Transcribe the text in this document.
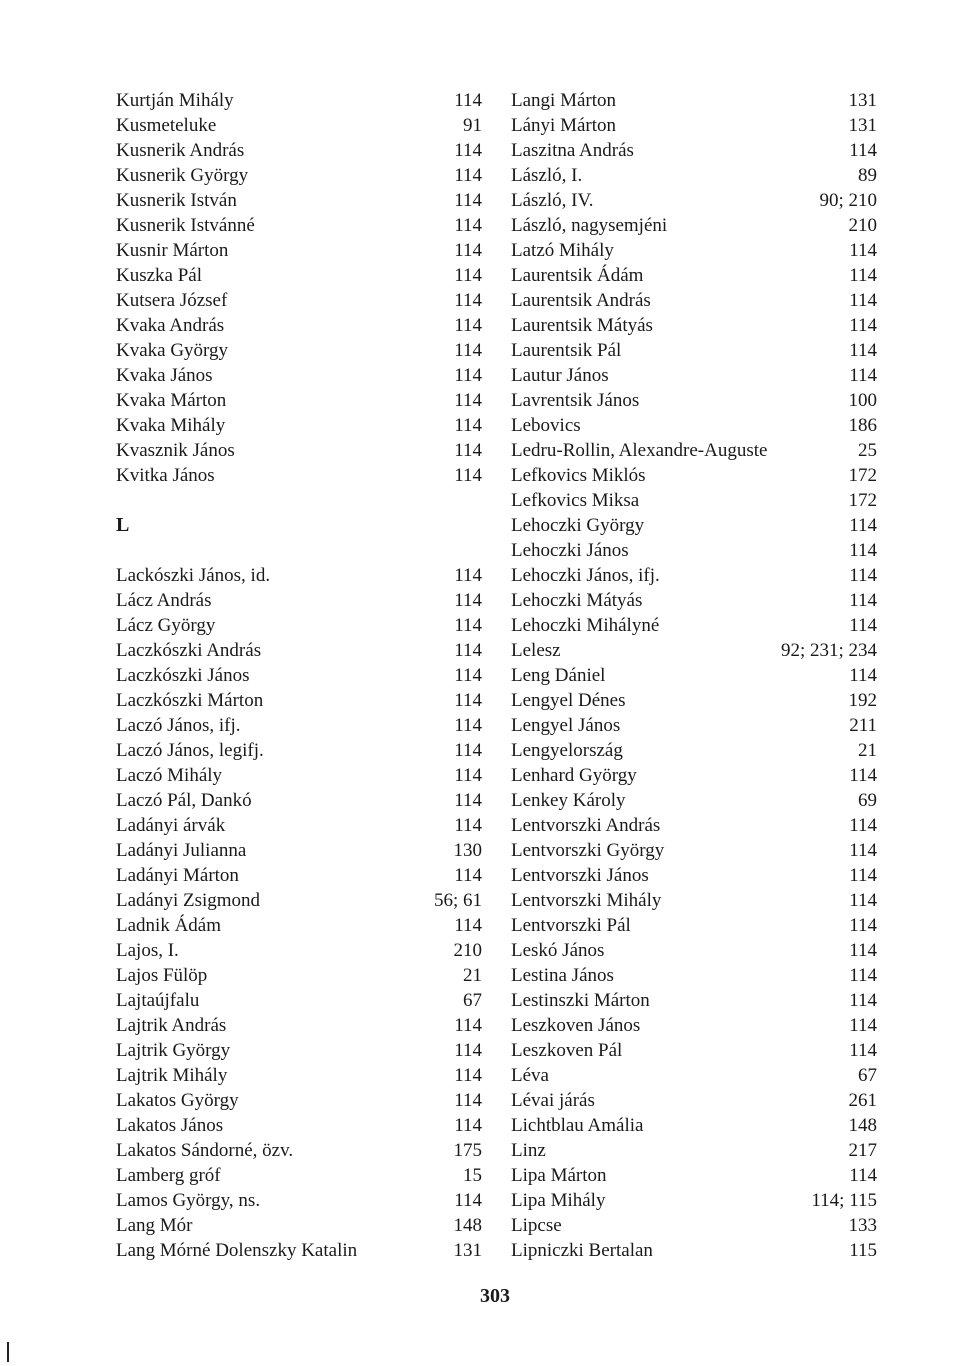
Kurtján Mihály	114
Kusmeteluke	91
Kusnerik András	114
Kusnerik György	114
Kusnerik István	114
Kusnerik Istvánné	114
Kusnir Márton	114
Kuszka Pál	114
Kutsera József	114
Kvaka András	114
Kvaka György	114
Kvaka János	114
Kvaka Márton	114
Kvaka Mihály	114
Kvasznik János	114
Kvitka János	114
L
Lackószki János, id.	114
Lácz András	114
Lácz György	114
Laczkószki András	114
Laczkószki János	114
Laczkószki Márton	114
Laczó János, ifj.	114
Laczó János, legifj.	114
Laczó Mihály	114
Laczó Pál, Dankó	114
Ladányi árvák	114
Ladányi Julianna	130
Ladányi Márton	114
Ladányi Zsigmond	56; 61
Ladnik Ádám	114
Lajos, I.	210
Lajos Fülöp	21
Lajtaújfalu	67
Lajtrik András	114
Lajtrik György	114
Lajtrik Mihály	114
Lakatos György	114
Lakatos János	114
Lakatos Sándorné, özv.	175
Lamberg gróf	15
Lamos György, ns.	114
Lang Mór	148
Lang Mórné Dolenszky Katalin	131
Langi Márton	131
Lányi Márton	131
Laszitna András	114
László, I.	89
László, IV.	90; 210
László, nagysemjéni	210
Latzó Mihály	114
Laurentsik Ádám	114
Laurentsik András	114
Laurentsik Mátyás	114
Laurentsik Pál	114
Lautur János	114
Lavrentsik János	100
Lebovics	186
Ledru-Rollin, Alexandre-Auguste	25
Lefkovics Miklós	172
Lefkovics Miksa	172
Lehoczki György	114
Lehoczki János	114
Lehoczki János, ifj.	114
Lehoczki Mátyás	114
Lehoczki Mihályné	114
Lelesz	92; 231; 234
Leng Dániel	114
Lengyel Dénes	192
Lengyel János	211
Lengyelország	21
Lenhard György	114
Lenkey Károly	69
Lentvorszki András	114
Lentvorszki György	114
Lentvorszki János	114
Lentvorszki Mihály	114
Lentvorszki Pál	114
Leskó János	114
Lestina János	114
Lestinszki Márton	114
Leszkoven János	114
Leszkoven Pál	114
Léva	67
Lévai járás	261
Lichtblau Amália	148
Linz	217
Lipa Márton	114
Lipa Mihály	114; 115
Lipcse	133
Lipniczki Bertalan	115
303
